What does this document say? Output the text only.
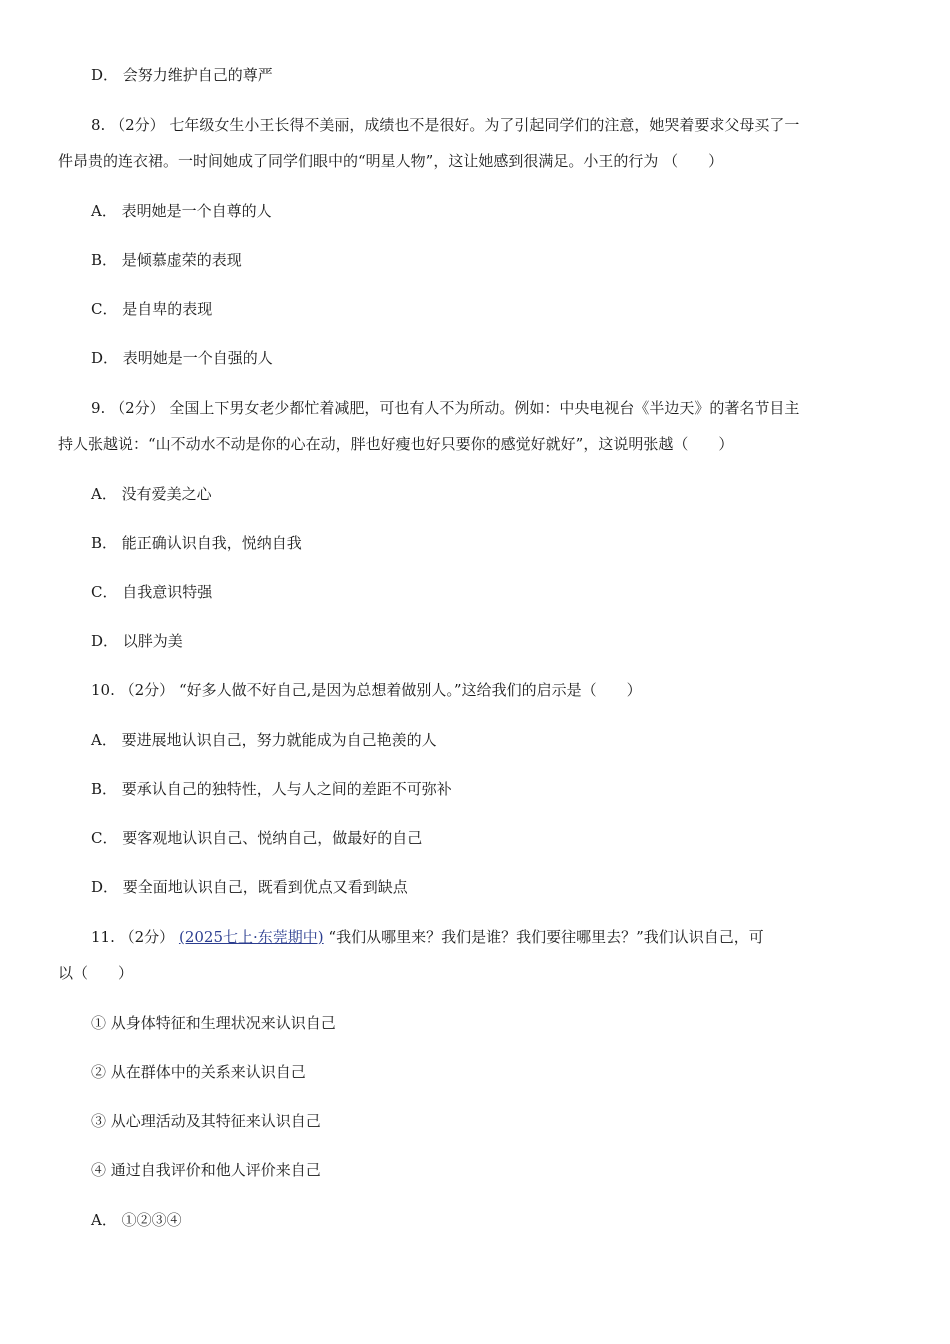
D． 会努力维护自己的尊严
8. （2分） 七年级女生小王长得不美丽，成绩也不是很好。为了引起同学们的注意，她哭着要求父母买了一
件昂贵的连衣裙。一时间她成了同学们眼中的“明星人物”，这让她感到很满足。小王的行为 （　　）
A． 表明她是一个自尊的人
B． 是倾慕虚荣的表现
C． 是自卑的表现
D． 表明她是一个自强的人
9. （2分） 全国上下男女老少都忙着减肥，可也有人不为所动。例如：中央电视台《半边天》的著名节目主
持人张越说：“山不动水不动是你的心在动，胖也好瘦也好只要你的感觉好就好”，这说明张越（　　）
A． 没有爱美之心
B． 能正确认识自我，悦纳自我
C． 自我意识特强
D． 以胖为美
10. （2分） “好多人做不好自己,是因为总想着做别人。”这给我们的启示是（　　）
A． 要进展地认识自己，努力就能成为自己艳羡的人
B． 要承认自己的独特性，人与人之间的差距不可弥补
C． 要客观地认识自己、悦纳自己，做最好的自己
D． 要全面地认识自己，既看到优点又看到缺点
11. （2分） (2025七上·东莞期中) “我们从哪里来？我们是谁？我们要往哪里去？”我们认识自己，可
以（　　）
① 从身体特征和生理状况来认识自己
② 从在群体中的关系来认识自己
③ 从心理活动及其特征来认识自己
④ 通过自我评价和他人评价来自己
A． ①②③④
